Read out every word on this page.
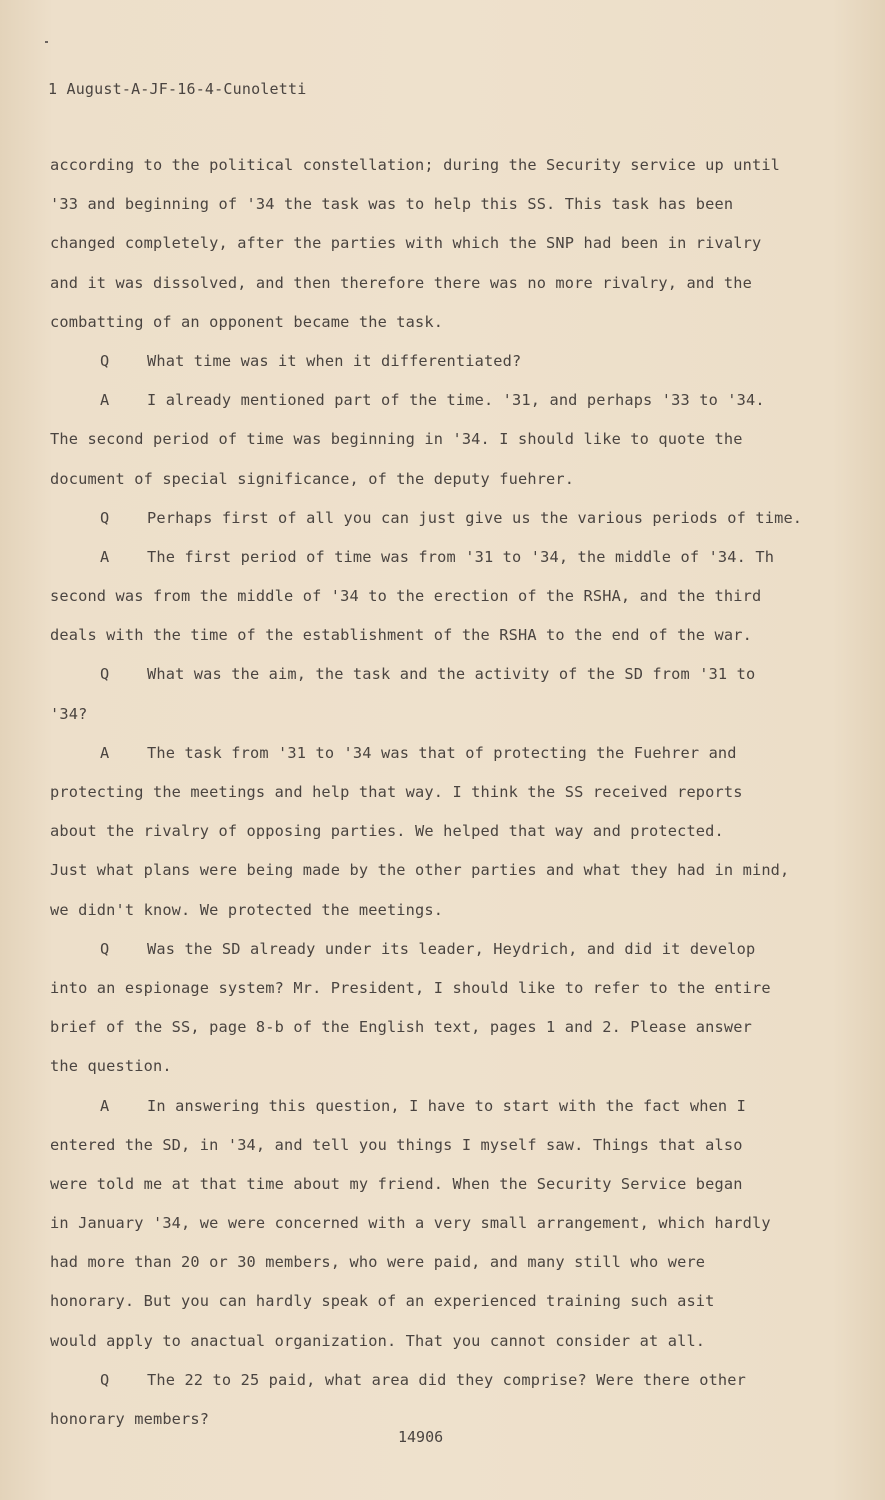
1 August-A-JF-16-4-Cunoletti
according to the political constellation; during the Security service up until
'33 and beginning of '34 the task was to help this SS. This task has been
changed completely, after the parties with which the SNP had been in rivalry
and it was dissolved, and then therefore there was no more rivalry, and the
combatting of an opponent became the task.
Q What time was it when it differentiated?
A I already mentioned part of the time. '31, and perhaps '33 to '34.
The second period of time was beginning in '34. I should like to quote the
document of special significance, of the deputy fuehrer.
Q Perhaps first of all you can just give us the various periods of time.
A The first period of time was from '31 to '34, the middle of '34. Th
second was from the middle of '34 to the erection of the RSHA, and the third
deals with the time of the establishment of the RSHA to the end of the war.
Q What was the aim, the task and the activity of the SD from '31 to
'34?
A The task from '31 to '34 was that of protecting the Fuehrer and
protecting the meetings and help that way. I think the SS received reports
about the rivalry of opposing parties. We helped that way and protected.
Just what plans were being made by the other parties and what they had in mind,
we didn't know. We protected the meetings.
Q Was the SD already under its leader, Heydrich, and did it develop
into an espionage system? Mr. President, I should like to refer to the entire
brief of the SS, page 8-b of the English text, pages 1 and 2. Please answer
the question.
A In answering this question, I have to start with the fact when I
entered the SD, in '34, and tell you things I myself saw. Things that also
were told me at that time about my friend. When the Security Service began
in January '34, we were concerned with a very small arrangement, which hardly
had more than 20 or 30 members, who were paid, and many still who were
honorary. But you can hardly speak of an experienced training such asit
would apply to anactual organization. That you cannot consider at all.
Q The 22 to 25 paid, what area did they comprise? Were there other
honorary members?
14906
